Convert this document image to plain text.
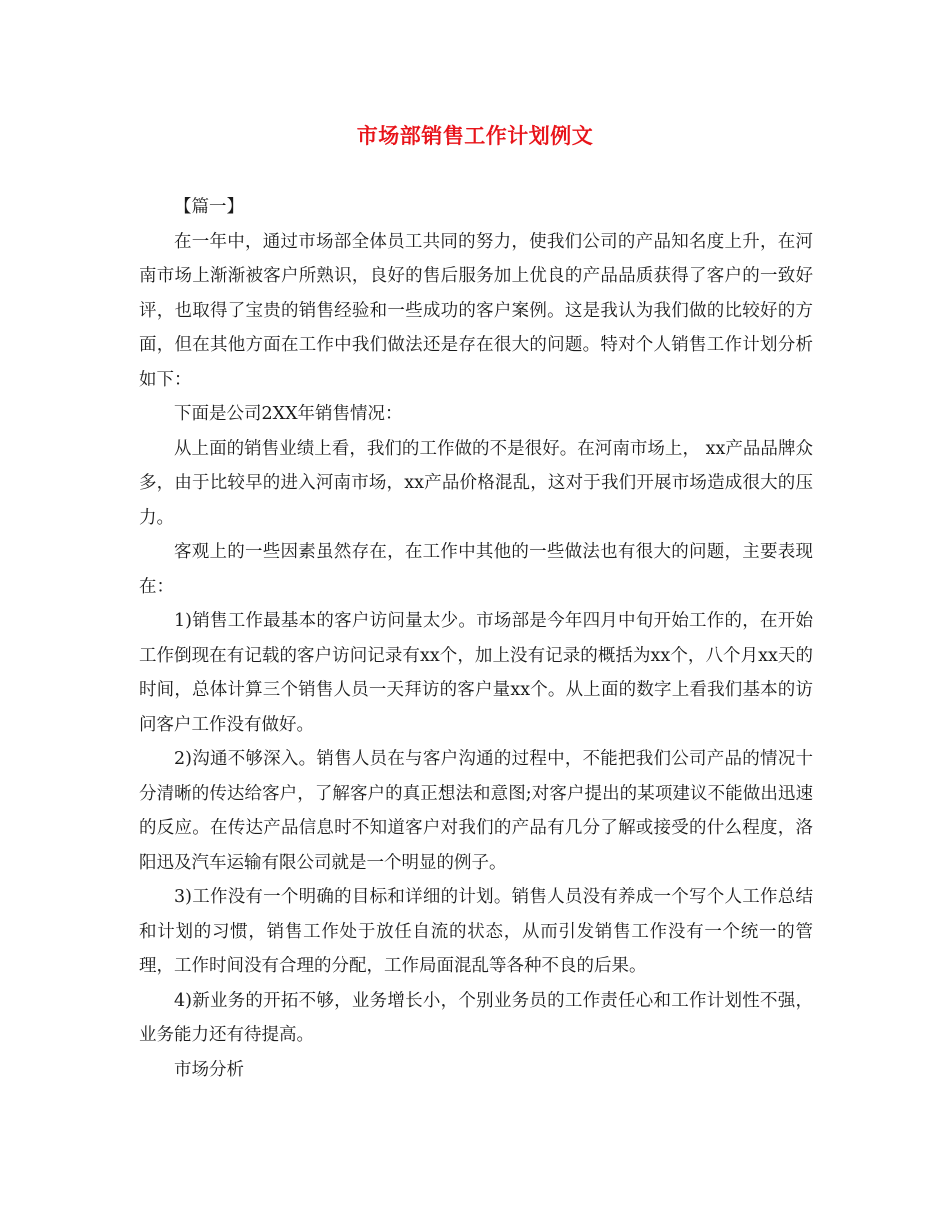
市场部销售工作计划例文

【篇一】

在一年中，通过市场部全体员工共同的努力，使我们公司的产品知名度上升，在河南市场上渐渐被客户所熟识，良好的售后服务加上优良的产品品质获得了客户的一致好评，也取得了宝贵的销售经验和一些成功的客户案例。这是我认为我们做的比较好的方面，但在其他方面在工作中我们做法还是存在很大的问题。特对个人销售工作计划分析如下：

下面是公司2XX年销售情况：

从上面的销售业绩上看，我们的工作做的不是很好。在河南市场上， xx产品品牌众多，由于比较早的进入河南市场，xx产品价格混乱，这对于我们开展市场造成很大的压力。

客观上的一些因素虽然存在，在工作中其他的一些做法也有很大的问题，主要表现在：

1)销售工作最基本的客户访问量太少。市场部是今年四月中旬开始工作的，在开始工作倒现在有记载的客户访问记录有xx个，加上没有记录的概括为xx个，八个月xx天的时间，总体计算三个销售人员一天拜访的客户量xx个。从上面的数字上看我们基本的访问客户工作没有做好。

2)沟通不够深入。销售人员在与客户沟通的过程中，不能把我们公司产品的情况十分清晰的传达给客户，了解客户的真正想法和意图;对客户提出的某项建议不能做出迅速的反应。在传达产品信息时不知道客户对我们的产品有几分了解或接受的什么程度，洛阳迅及汽车运输有限公司就是一个明显的例子。

3)工作没有一个明确的目标和详细的计划。销售人员没有养成一个写个人工作总结和计划的习惯，销售工作处于放任自流的状态，从而引发销售工作没有一个统一的管理，工作时间没有合理的分配，工作局面混乱等各种不良的后果。

4)新业务的开拓不够，业务增长小，个别业务员的工作责任心和工作计划性不强，业务能力还有待提高。

市场分析
